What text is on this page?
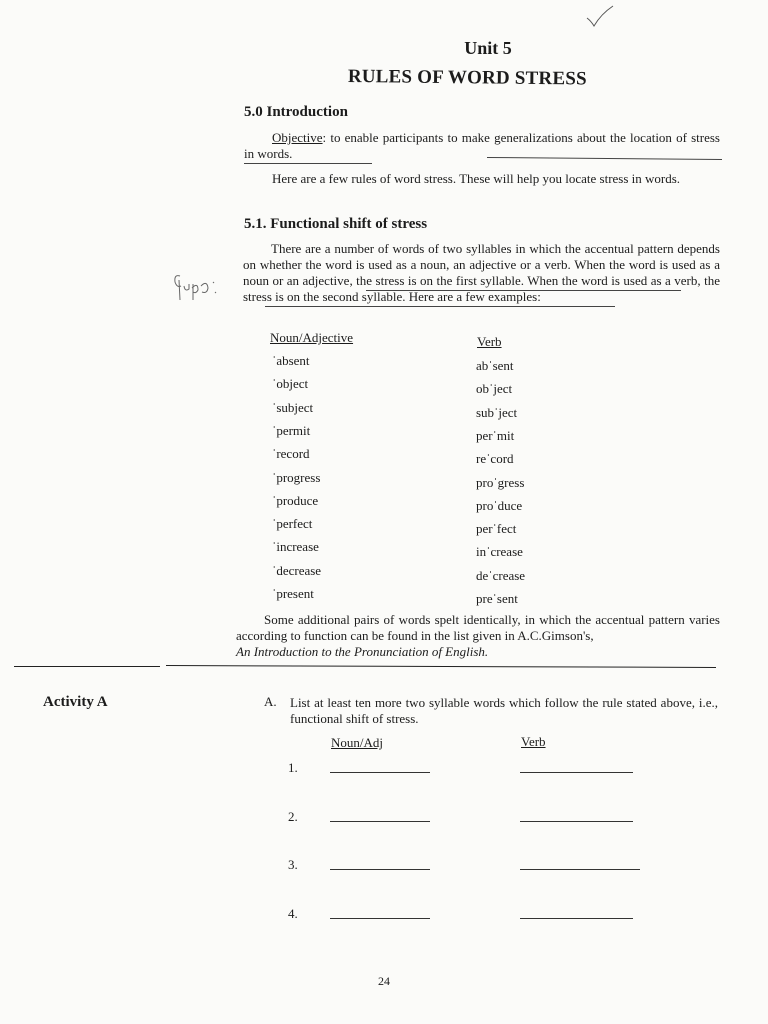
Unit 5
RULES OF WORD STRESS
5.0 Introduction
Objective: to enable participants to make generalizations about the location of stress in words.
Here are a few rules of word stress. These will help you locate stress in words.
5.1. Functional shift of stress
There are a number of words of two syllables in which the accentual pattern depends on whether the word is used as a noun, an adjective or a verb. When the word is used as a noun or an adjective, the stress is on the first syllable. When the word is used as a verb, the stress is on the second syllable. Here are a few examples:
Noun/Adjective	Verb
ˈabsent	abˈsent
ˈobject	obˈject
ˈsubject	subˈject
ˈpermit	perˈmit
ˈrecord	reˈcord
ˈprogress	proˈgress
ˈproduce	proˈduce
ˈperfect	perˈfect
ˈincrease	inˈcrease
ˈdecrease	deˈcrease
ˈpresent	preˈsent
Some additional pairs of words spelt identically, in which the accentual pattern varies according to function can be found in the list given in A.C.Gimson's,
An Introduction to the Pronunciation of English.
Activity A	A. List at least ten more two syllable words which follow the rule stated above, i.e., functional shift of stress.
Noun/Adj	Verb
1.
2.
3.
4.
24
